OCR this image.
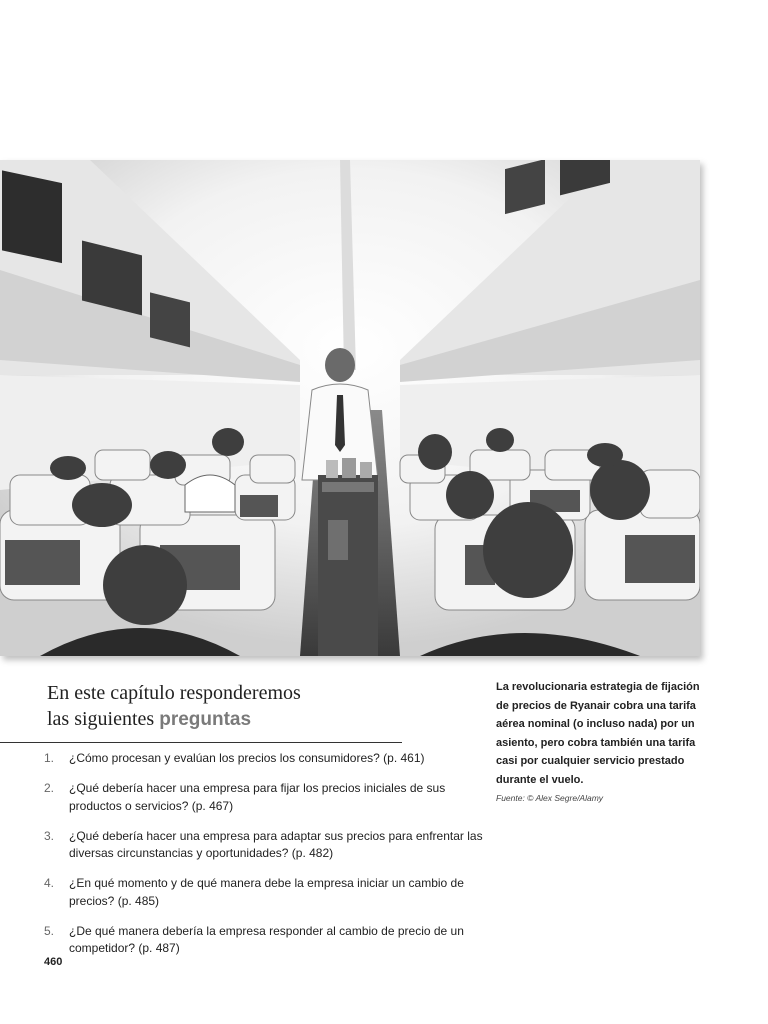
En este capítulo responderemos
las siguientes preguntas
1.	¿Cómo procesan y evalúan los precios los consumidores? (p. 461)
2.	¿Qué debería hacer una empresa para fijar los precios iniciales de sus productos o servicios? (p. 467)
3.	¿Qué debería hacer una empresa para adaptar sus precios para enfrentar las diversas circunstancias y oportunidades? (p. 482)
4.	¿En qué momento y de qué manera debe la empresa iniciar un cambio de precios? (p. 485)
5.	¿De qué manera debería la empresa responder al cambio de precio de un competidor? (p. 487)
La revolucionaria estrategia de fijación de precios de Ryanair cobra una tarifa aérea nominal (o incluso nada) por un asiento, pero cobra también una tarifa casi por cualquier servicio prestado durante el vuelo.
Fuente: © Alex Segre/Alamy
460
